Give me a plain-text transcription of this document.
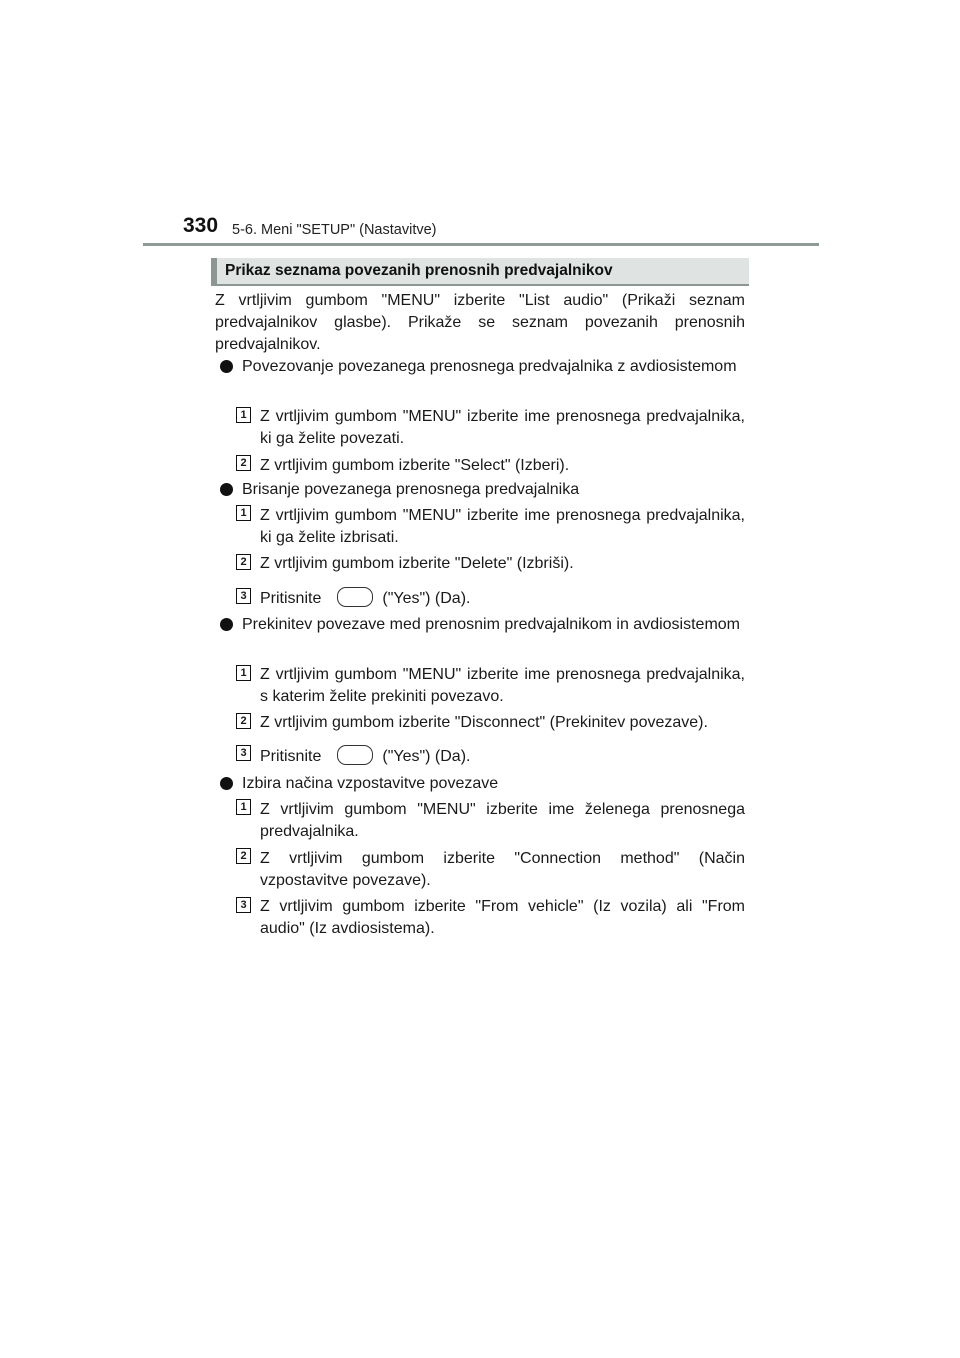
330 5-6. Meni "SETUP" (Nastavitve)
Prikaz seznama povezanih prenosnih predvajalnikov
Z vrtljivim gumbom "MENU" izberite "List audio" (Prikaži seznam predvajalnikov glasbe). Prikaže se seznam povezanih prenosnih predvajalnikov.
Povezovanje povezanega prenosnega predvajalnika z avdiosistemom
1 Z vrtljivim gumbom "MENU" izberite ime prenosnega predvajalnika, ki ga želite povezati.
2 Z vrtljivim gumbom izberite "Select" (Izberi).
Brisanje povezanega prenosnega predvajalnika
1 Z vrtljivim gumbom "MENU" izberite ime prenosnega predvajalnika, ki ga želite izbrisati.
2 Z vrtljivim gumbom izberite "Delete" (Izbriši).
3 Pritisnite	("Yes") (Da).
Prekinitev povezave med prenosnim predvajalnikom in avdiosistemom
1 Z vrtljivim gumbom "MENU" izberite ime prenosnega predvajalnika, s katerim želite prekiniti povezavo.
2 Z vrtljivim gumbom izberite "Disconnect" (Prekinitev povezave).
3 Pritisnite	("Yes") (Da).
Izbira načina vzpostavitve povezave
1 Z vrtljivim gumbom "MENU" izberite ime želenega prenosnega predvajalnika.
2 Z vrtljivim gumbom izberite "Connection method" (Način vzpostavitve povezave).
3 Z vrtljivim gumbom izberite "From vehicle" (Iz vozila) ali "From audio" (Iz avdiosistema).
